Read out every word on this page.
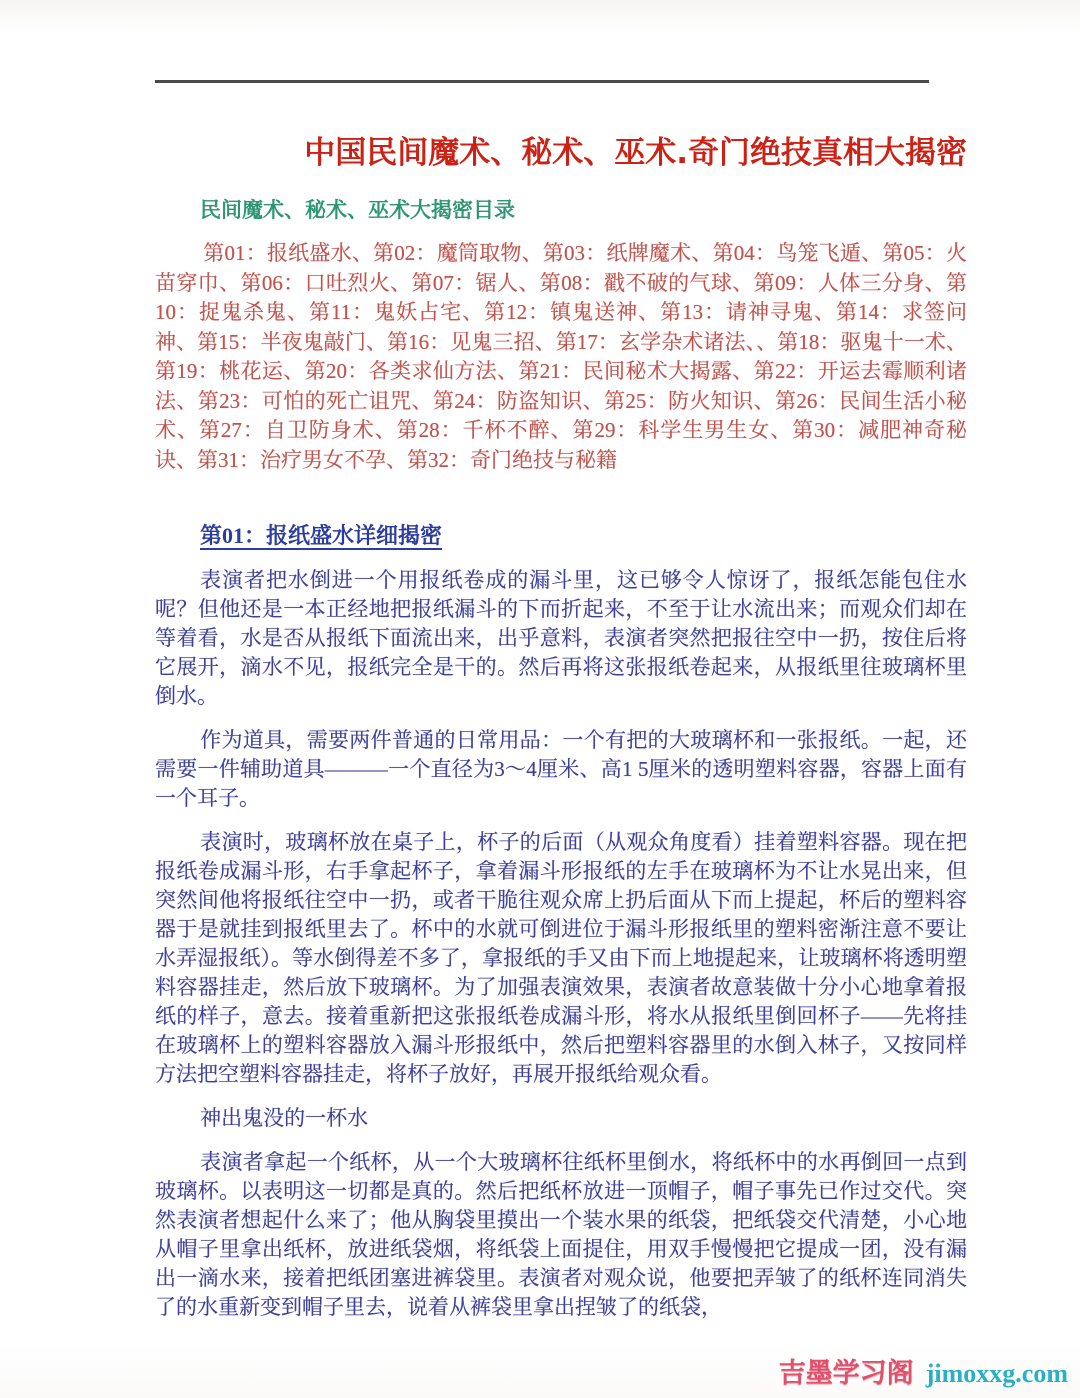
中国民间魔术、秘术、巫术.奇门绝技真相大揭密
民间魔术、秘术、巫术大揭密目录

第01：报纸盛水、第02：魔筒取物、第03：纸牌魔术、第04：鸟笼飞遁、第05：火苗穿巾、第06：口吐烈火、第07：锯人、第08：戳不破的气球、第09：人体三分身、第10：捉鬼杀鬼、第11：鬼妖占宅、第12：镇鬼送神、第13：请神寻鬼、第14：求签问神、第15：半夜鬼敲门、第16：见鬼三招、第17：玄学杂术诸法、、第18：驱鬼十一术、第19：桃花运、第20：各类求仙方法、第21：民间秘术大揭露、第22：开运去霉顺利诸法、第23：可怕的死亡诅咒、第24：防盗知识、第25：防火知识、第26：民间生活小秘术、第27：自卫防身术、第28：千杯不醉、第29：科学生男生女、第30：减肥神奇秘诀、第31：治疗男女不孕、第32：奇门绝技与秘籍

第01：报纸盛水详细揭密

表演者把水倒进一个用报纸卷成的漏斗里，这已够令人惊讶了，报纸怎能包住水呢？但他还是一本正经地把报纸漏斗的下而折起来，不至于让水流出来；而观众们却在等着看，水是否从报纸下面流出来，出乎意料，表演者突然把报往空中一扔，按住后将它展开，滴水不见，报纸完全是干的。然后再将这张报纸卷起来，从报纸里往玻璃杯里倒水。

作为道具，需要两件普通的日常用品：一个有把的大玻璃杯和一张报纸。一起，还需要一件辅助道具———一个直径为3～4厘米、高1 5厘米的透明塑料容器，容器上面有一个耳子。

表演时，玻璃杯放在桌子上，杯子的后面（从观众角度看）挂着塑料容器。现在把报纸卷成漏斗形，右手拿起杯子，拿着漏斗形报纸的左手在玻璃杯为不让水晃出来，但突然间他将报纸往空中一扔，或者干脆往观众席上扔后面从下而上提起，杯后的塑料容器于是就挂到报纸里去了。杯中的水就可倒进位于漏斗形报纸里的塑料密渐注意不要让水弄湿报纸）。等水倒得差不多了，拿报纸的手又由下而上地提起来，让玻璃杯将透明塑料容器挂走，然后放下玻璃杯。为了加强表演效果，表演者故意装做十分小心地拿着报纸的样子，意去。接着重新把这张报纸卷成漏斗形，将水从报纸里倒回杯子——先将挂在玻璃杯上的塑料容器放入漏斗形报纸中，然后把塑料容器里的水倒入林子，又按同样方法把空塑料容器挂走，将杯子放好，再展开报纸给观众看。

神出鬼没的一杯水

表演者拿起一个纸杯，从一个大玻璃杯往纸杯里倒水，将纸杯中的水再倒回一点到玻璃杯。以表明这一切都是真的。然后把纸杯放进一顶帽子，帽子事先已作过交代。突然表演者想起什么来了；他从胸袋里摸出一个装水果的纸袋，把纸袋交代清楚，小心地从帽子里拿出纸杯，放进纸袋烟，将纸袋上面提住，用双手慢慢把它提成一团，没有漏出一滴水来，接着把纸团塞进裤袋里。表演者对观众说，他要把弄皱了的纸杯连同消失了的水重新变到帽子里去，说着从裤袋里拿出捏皱了的纸袋，

吉墨学习阁 jimoxxg.com
